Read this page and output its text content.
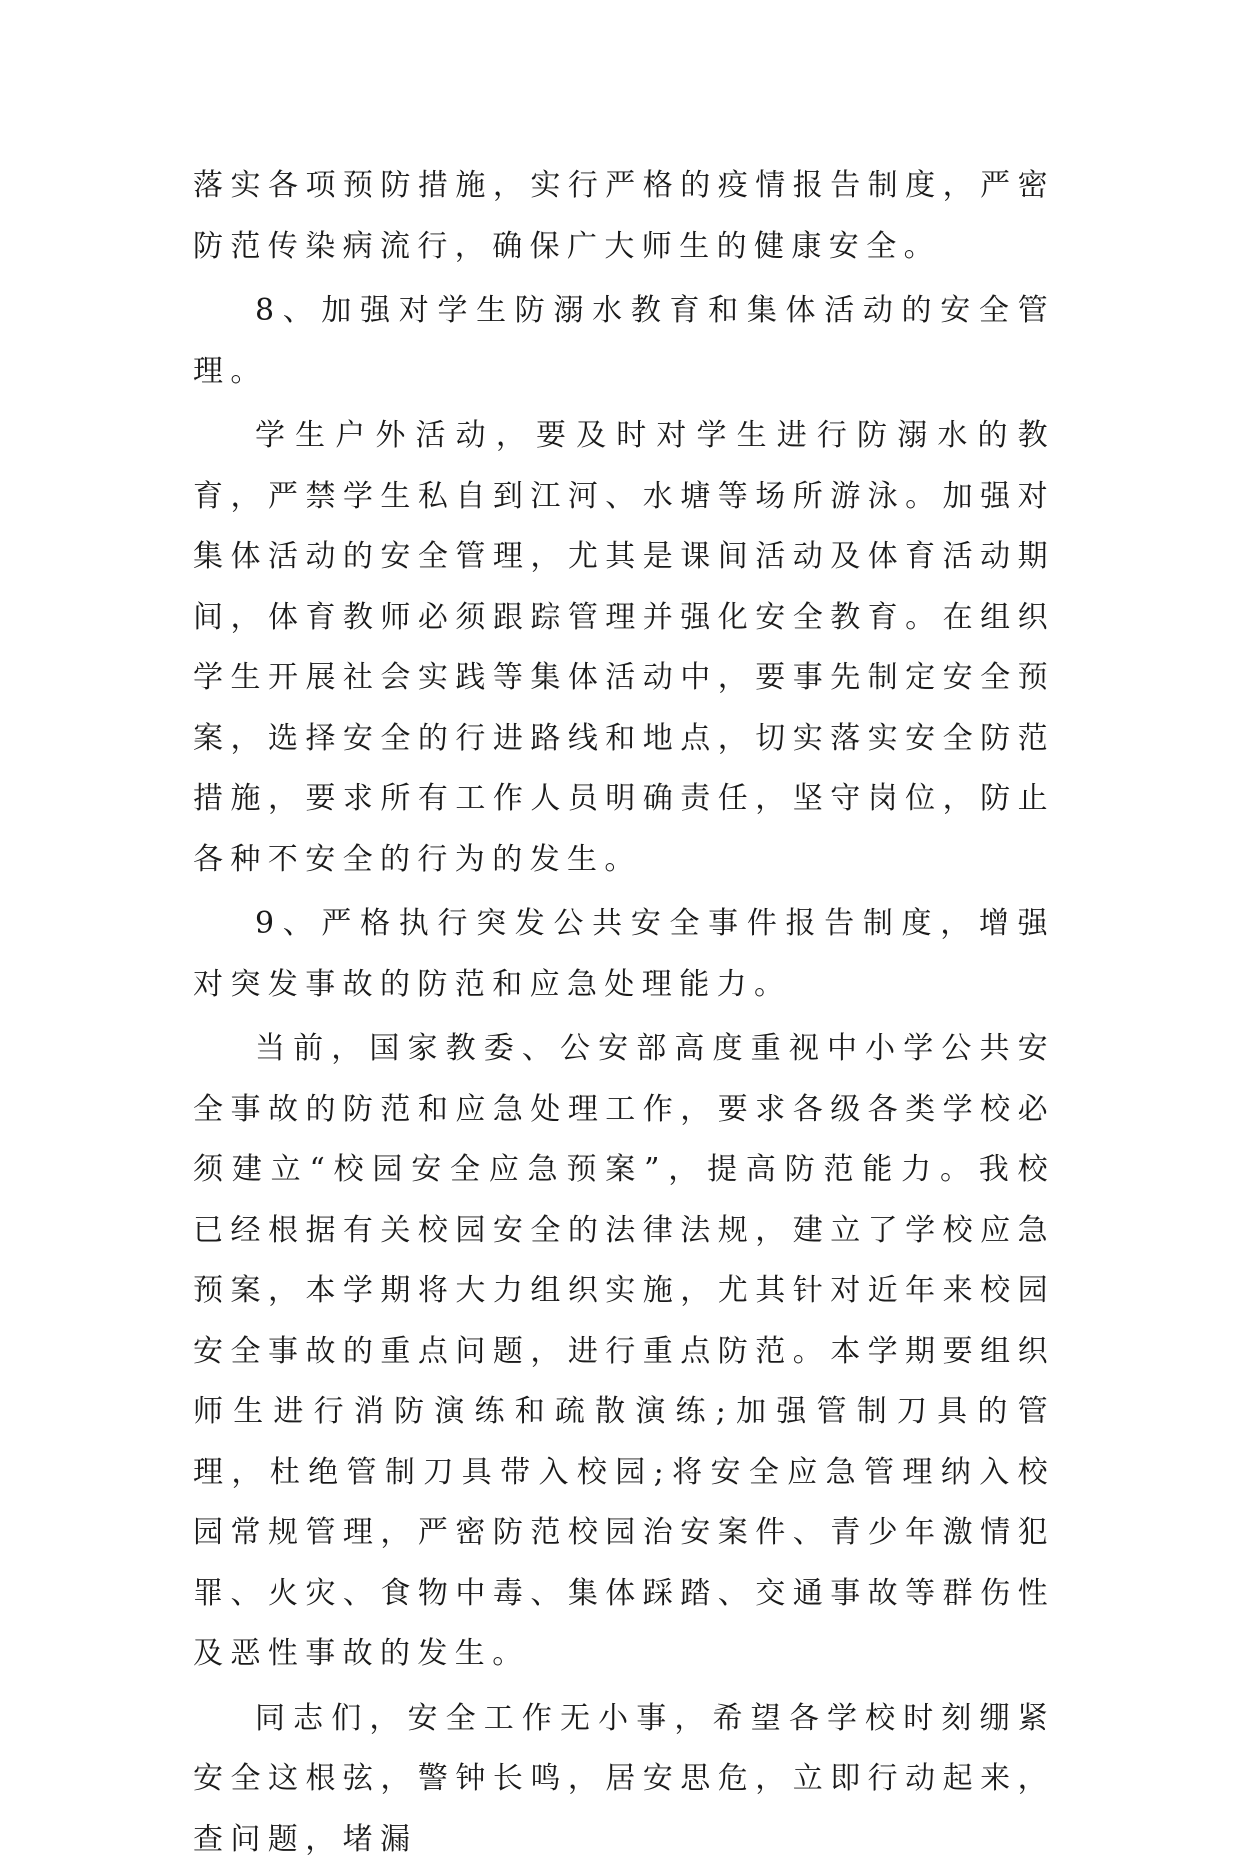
落实各项预防措施，实行严格的疫情报告制度，严密防范传染病流行，确保广大师生的健康安全。

8、加强对学生防溺水教育和集体活动的安全管理。

学生户外活动，要及时对学生进行防溺水的教育，严禁学生私自到江河、水塘等场所游泳。加强对集体活动的安全管理，尤其是课间活动及体育活动期间，体育教师必须跟踪管理并强化安全教育。在组织学生开展社会实践等集体活动中，要事先制定安全预案，选择安全的行进路线和地点，切实落实安全防范措施，要求所有工作人员明确责任，坚守岗位，防止各种不安全的行为的发生。

9、严格执行突发公共安全事件报告制度，增强对突发事故的防范和应急处理能力。

当前，国家教委、公安部高度重视中小学公共安全事故的防范和应急处理工作，要求各级各类学校必须建立“校园安全应急预案”，提高防范能力。我校已经根据有关校园安全的法律法规，建立了学校应急预案，本学期将大力组织实施，尤其针对近年来校园安全事故的重点问题，进行重点防范。本学期要组织师生进行消防演练和疏散演练;加强管制刀具的管理，杜绝管制刀具带入校园;将安全应急管理纳入校园常规管理，严密防范校园治安案件、青少年激情犯罪、火灾、食物中毒、集体踩踏、交通事故等群伤性及恶性事故的发生。

同志们，安全工作无小事，希望各学校时刻绷紧安全这根弦，警钟长鸣，居安思危，立即行动起来，查问题，堵漏
